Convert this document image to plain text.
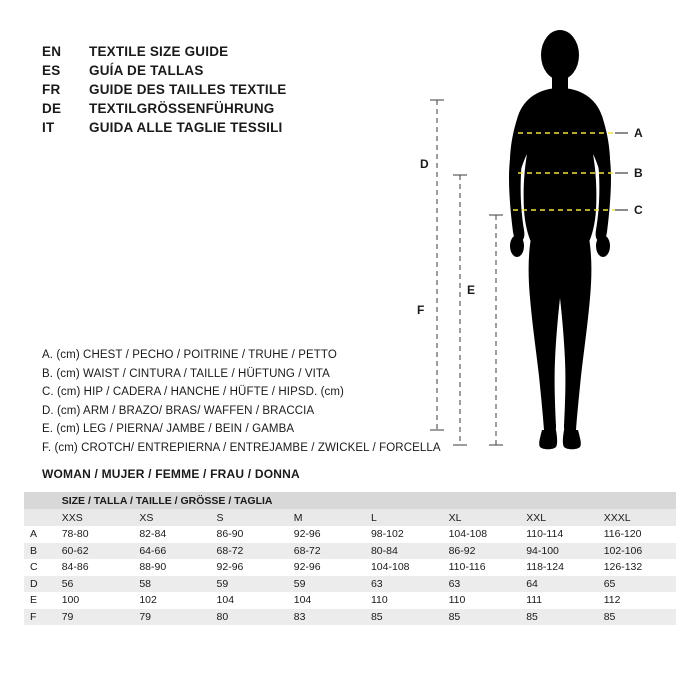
EN	TEXTILE SIZE GUIDE
ES	GUÍA DE TALLAS
FR	GUIDE DES TAILLES TEXTILE
DE	TEXTILGRÖSSENFÜHRUNG
IT	GUIDA ALLE TAGLIE TESSILI	A
B
C
D
F
E
A. (cm) CHEST / PECHO / POITRINE / TRUHE / PETTO
B. (cm) WAIST / CINTURA / TAILLE / HÜFTUNG / VITA
C. (cm) HIP / CADERA / HANCHE / HÜFTE / HIPSD. (cm)
D. (cm) ARM / BRAZO/ BRAS/ WAFFEN / BRACCIA
E. (cm) LEG / PIERNA/ JAMBE / BEIN / GAMBA
F. (cm) CROTCH/ ENTREPIERNA / ENTREJAMBE / ZWICKEL / FORCELLA
WOMAN / MUJER / FEMME / FRAU / DONNA
	SIZE / TALLA / TAILLE / GRÖSSE / TAGLIA							
	XXS	XS	S	M	L	XL	XXL	XXXL
A	78-80	82-84	86-90	92-96	98-102	104-108	110-114	116-120
B	60-62	64-66	68-72	68-72	80-84	86-92	94-100	102-106
C	84-86	88-90	92-96	92-96	104-108	110-116	118-124	126-132
D	56	58	59	59	63	63	64	65
E	100	102	104	104	110	110	111	112
F	79	79	80	83	85	85	85	85
